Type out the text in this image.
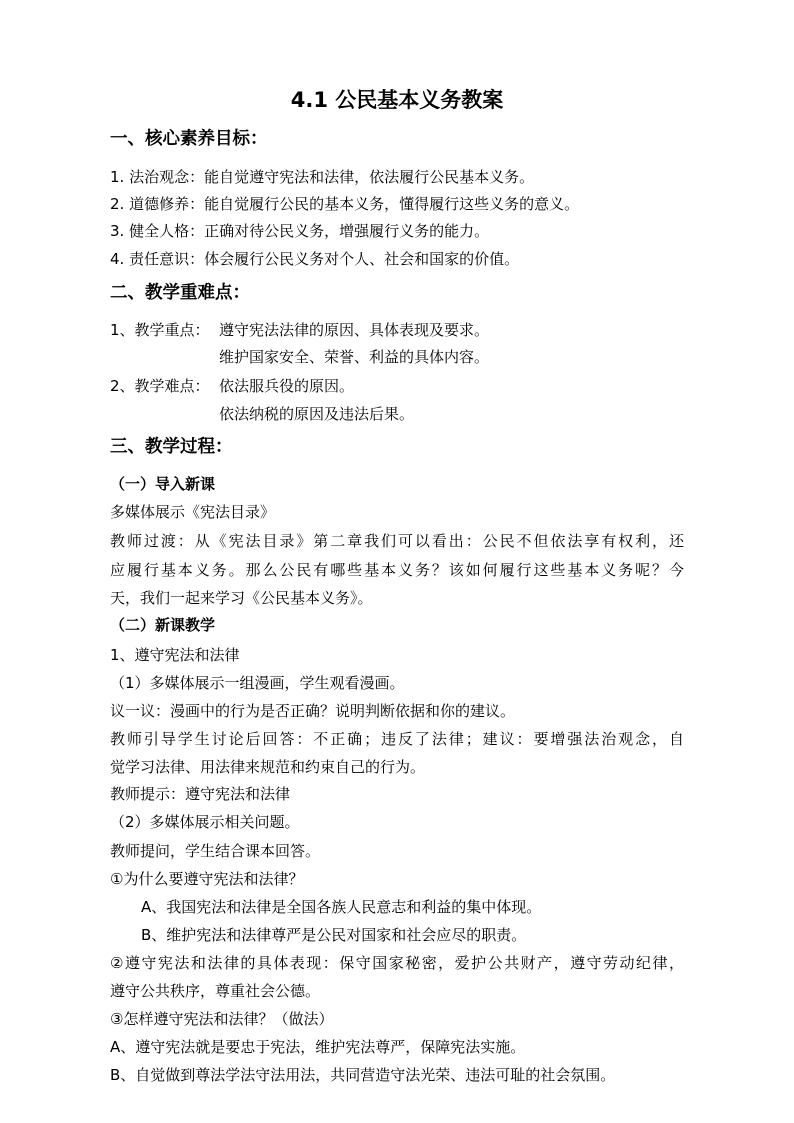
4.1 公民基本义务教案
一、核心素养目标：
1. 法治观念：能自觉遵守宪法和法律，依法履行公民基本义务。
2. 道德修养：能自觉履行公民的基本义务，懂得履行这些义务的意义。
3. 健全人格：正确对待公民义务，增强履行义务的能力。
4. 责任意识：体会履行公民义务对个人、社会和国家的价值。
二、教学重难点：
1、教学重点： 遵守宪法法律的原因、具体表现及要求。
维护国家安全、荣誉、利益的具体内容。
2、教学难点： 依法服兵役的原因。
依法纳税的原因及违法后果。
三、教学过程：
（一）导入新课
多媒体展示《宪法目录》
教师过渡：从《宪法目录》第二章我们可以看出：公民不但依法享有权利，还
应履行基本义务。那么公民有哪些基本义务？该如何履行这些基本义务呢？今
天，我们一起来学习《公民基本义务》。
（二）新课教学
1、遵守宪法和法律
（1）多媒体展示一组漫画，学生观看漫画。
议一议：漫画中的行为是否正确？说明判断依据和你的建议。
教师引导学生讨论后回答：不正确；违反了法律；建议：要增强法治观念，自
觉学习法律、用法律来规范和约束自己的行为。
教师提示：遵守宪法和法律
（2）多媒体展示相关问题。
教师提问，学生结合课本回答。
①为什么要遵守宪法和法律？
A、我国宪法和法律是全国各族人民意志和利益的集中体现。
B、维护宪法和法律尊严是公民对国家和社会应尽的职责。
②遵守宪法和法律的具体表现：保守国家秘密，爱护公共财产，遵守劳动纪律，
遵守公共秩序，尊重社会公德。
③怎样遵守宪法和法律？（做法）
A、遵守宪法就是要忠于宪法，维护宪法尊严，保障宪法实施。
B、自觉做到尊法学法守法用法，共同营造守法光荣、违法可耻的社会氛围。
